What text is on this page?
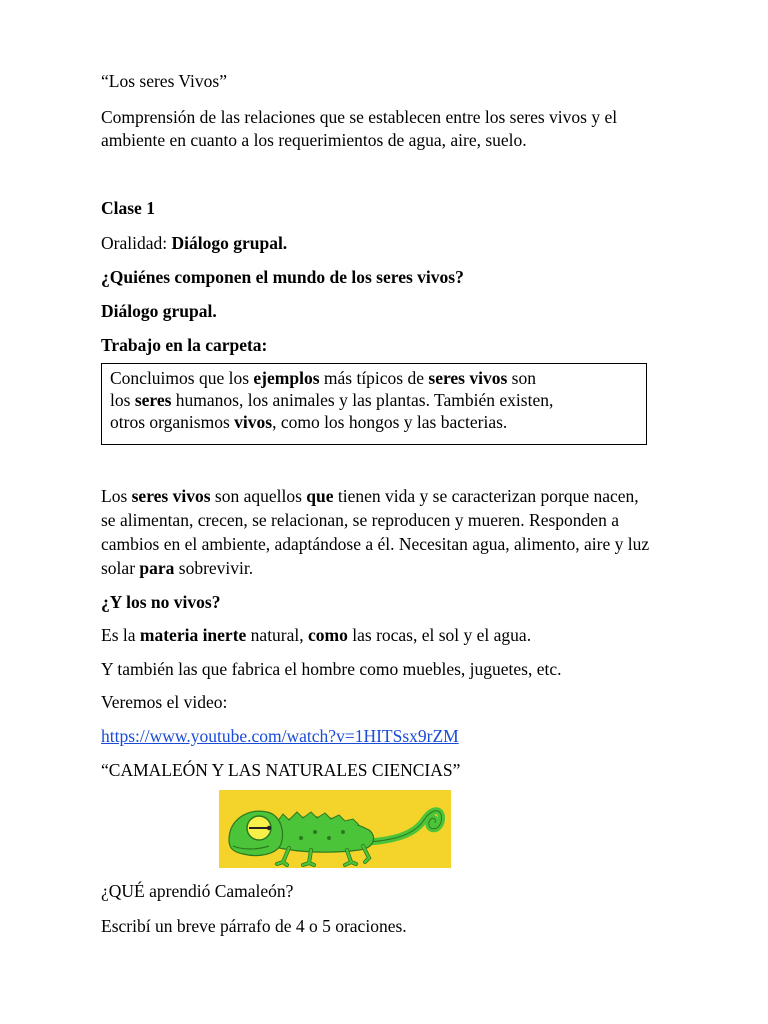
“Los seres Vivos”

Comprensión de las relaciones que se establecen entre los seres vivos y el

ambiente en cuanto a los requerimientos de agua, aire, suelo.

Clase 1

Oralidad: Diálogo grupal.

¿Quiénes componen el mundo de los seres vivos?

Diálogo grupal.

Trabajo en la carpeta:

Concluimos que los ejemplos más típicos de seres vivos son
los seres humanos, los animales y las plantas. También existen,
otros organismos vivos, como los hongos y las bacterias.

Los seres vivos son aquellos que tienen vida y se caracterizan porque nacen,

se alimentan, crecen, se relacionan, se reproducen y mueren. Responden a

cambios en el ambiente, adaptándose a él. Necesitan agua, alimento, aire y luz

solar para sobrevivir.

¿Y los no vivos?

Es la materia inerte natural, como las rocas, el sol y el agua.

Y también las que fabrica el hombre como muebles, juguetes, etc.

Veremos el video:

https://www.youtube.com/watch?v=1HITSsx9rZM

“CAMALEÓN Y LAS NATURALES CIENCIAS”

¿QUÉ aprendió Camaleón?

Escribí un breve párrafo de 4 o 5 oraciones.
